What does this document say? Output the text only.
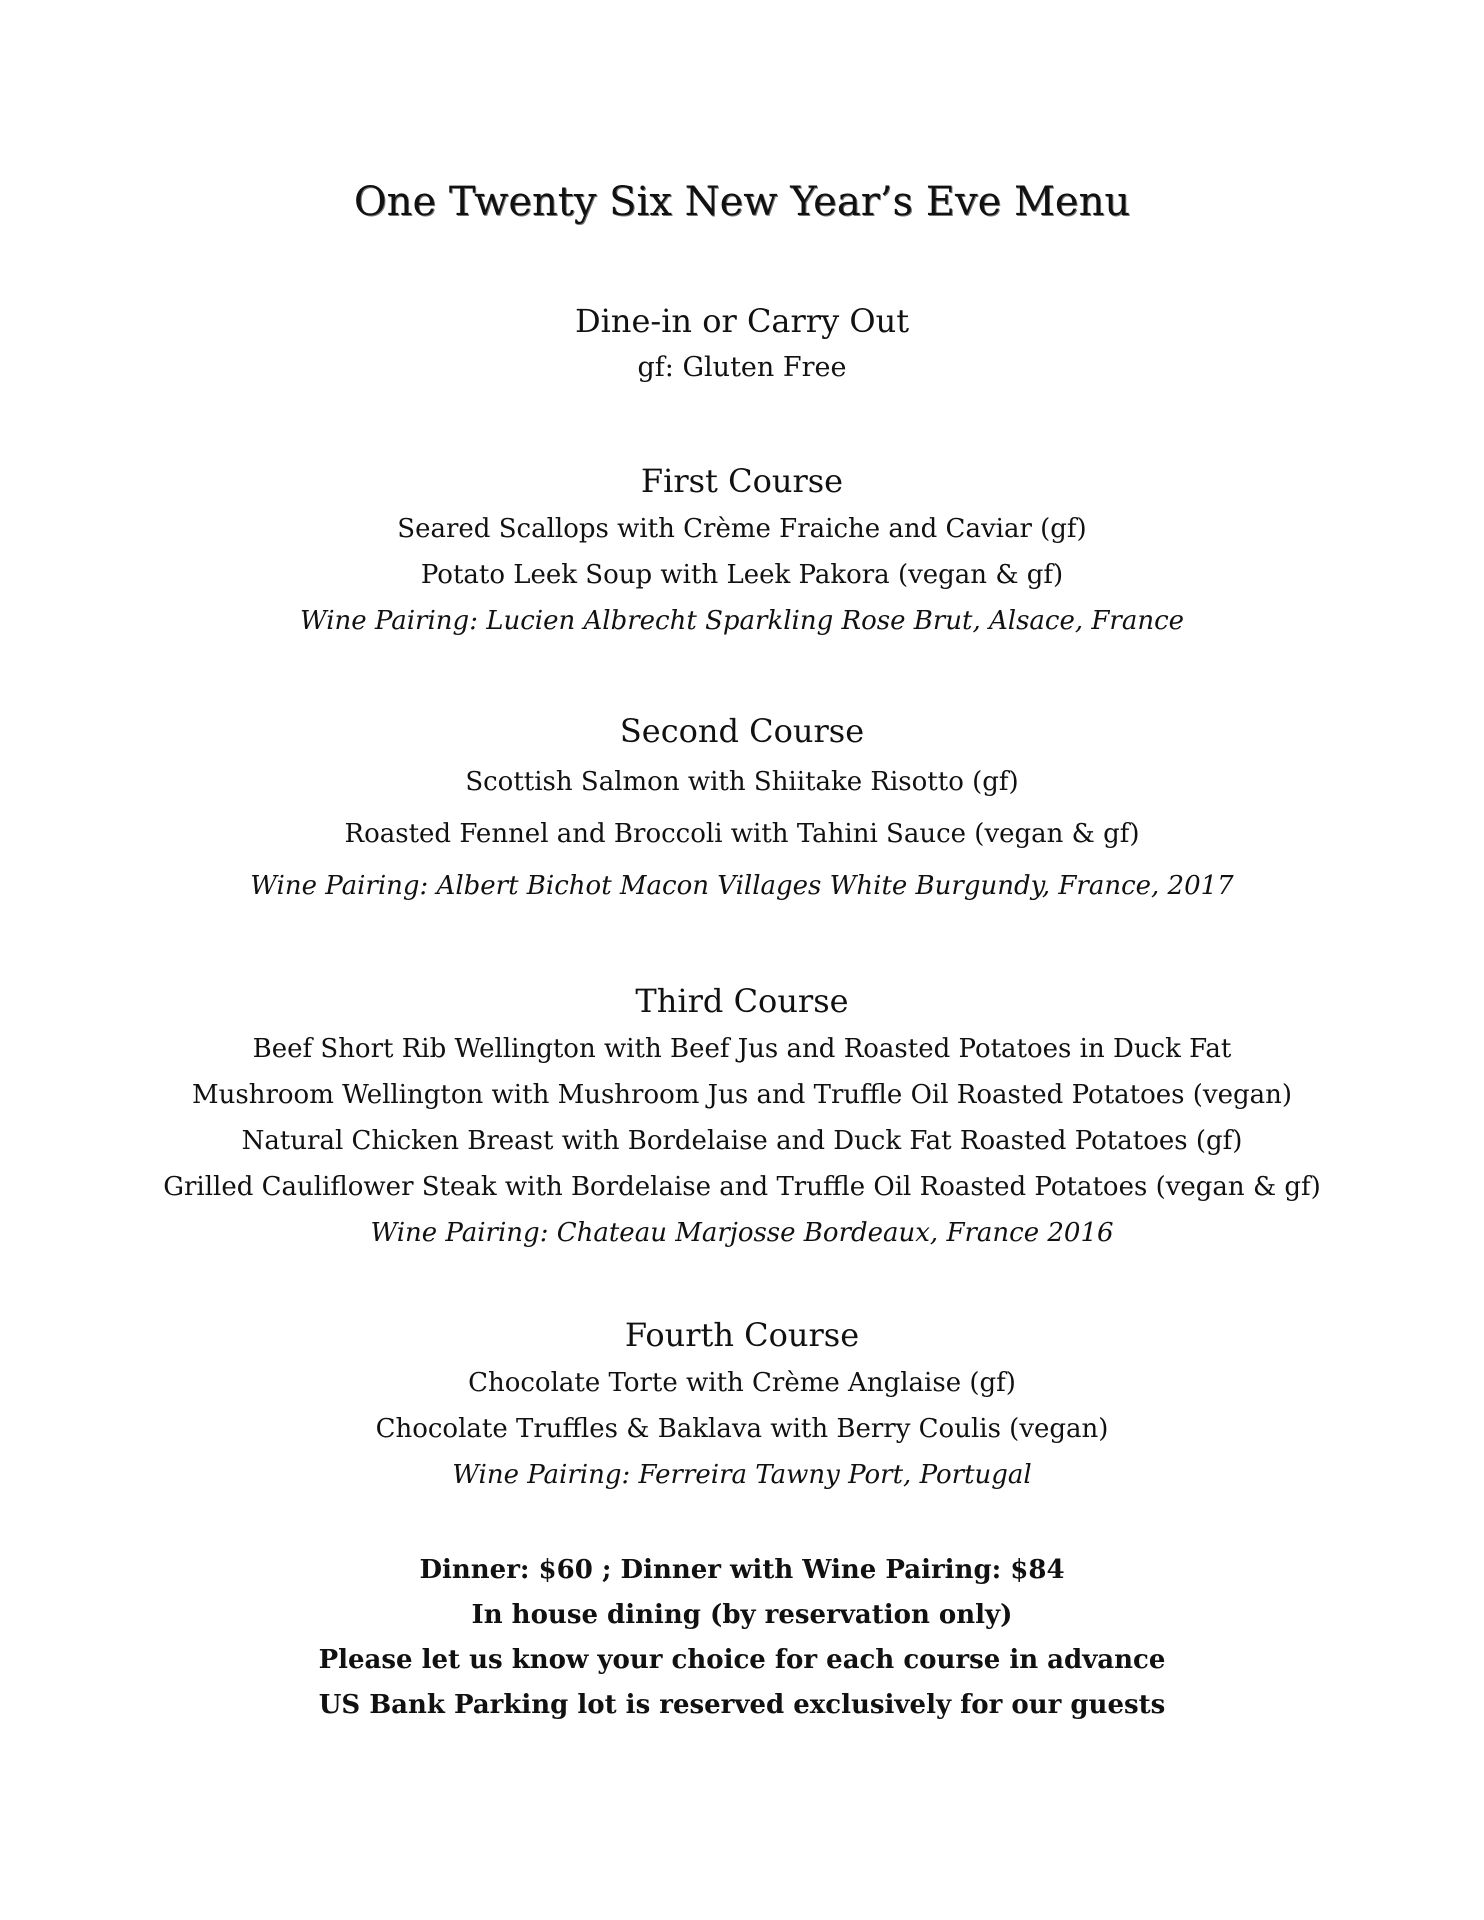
One Twenty Six New Year’s Eve Menu
Dine-in or Carry Out
gf: Gluten Free

First Course

Seared Scallops with Crème Fraiche and Caviar (gf)

Potato Leek Soup with Leek Pakora (vegan & gf)

Wine Pairing: Lucien Albrecht Sparkling Rose Brut, Alsace, France

Second Course

Scottish Salmon with Shiitake Risotto (gf)

Roasted Fennel and Broccoli with Tahini Sauce (vegan & gf)

Wine Pairing: Albert Bichot Macon Villages White Burgundy, France, 2017

Third Course

Beef Short Rib Wellington with Beef Jus and Roasted Potatoes in Duck Fat

Mushroom Wellington with Mushroom Jus and Truffle Oil Roasted Potatoes (vegan)

Natural Chicken Breast with Bordelaise and Duck Fat Roasted Potatoes (gf)

Grilled Cauliflower Steak with Bordelaise and Truffle Oil Roasted Potatoes (vegan & gf)

Wine Pairing: Chateau Marjosse Bordeaux, France 2016

Fourth Course

Chocolate Torte with Crème Anglaise (gf)

Chocolate Truffles & Baklava with Berry Coulis (vegan)

Wine Pairing: Ferreira Tawny Port, Portugal

Dinner: $60 ; Dinner with Wine Pairing: $84

In house dining (by reservation only)

Please let us know your choice for each course in advance

US Bank Parking lot is reserved exclusively for our guests
